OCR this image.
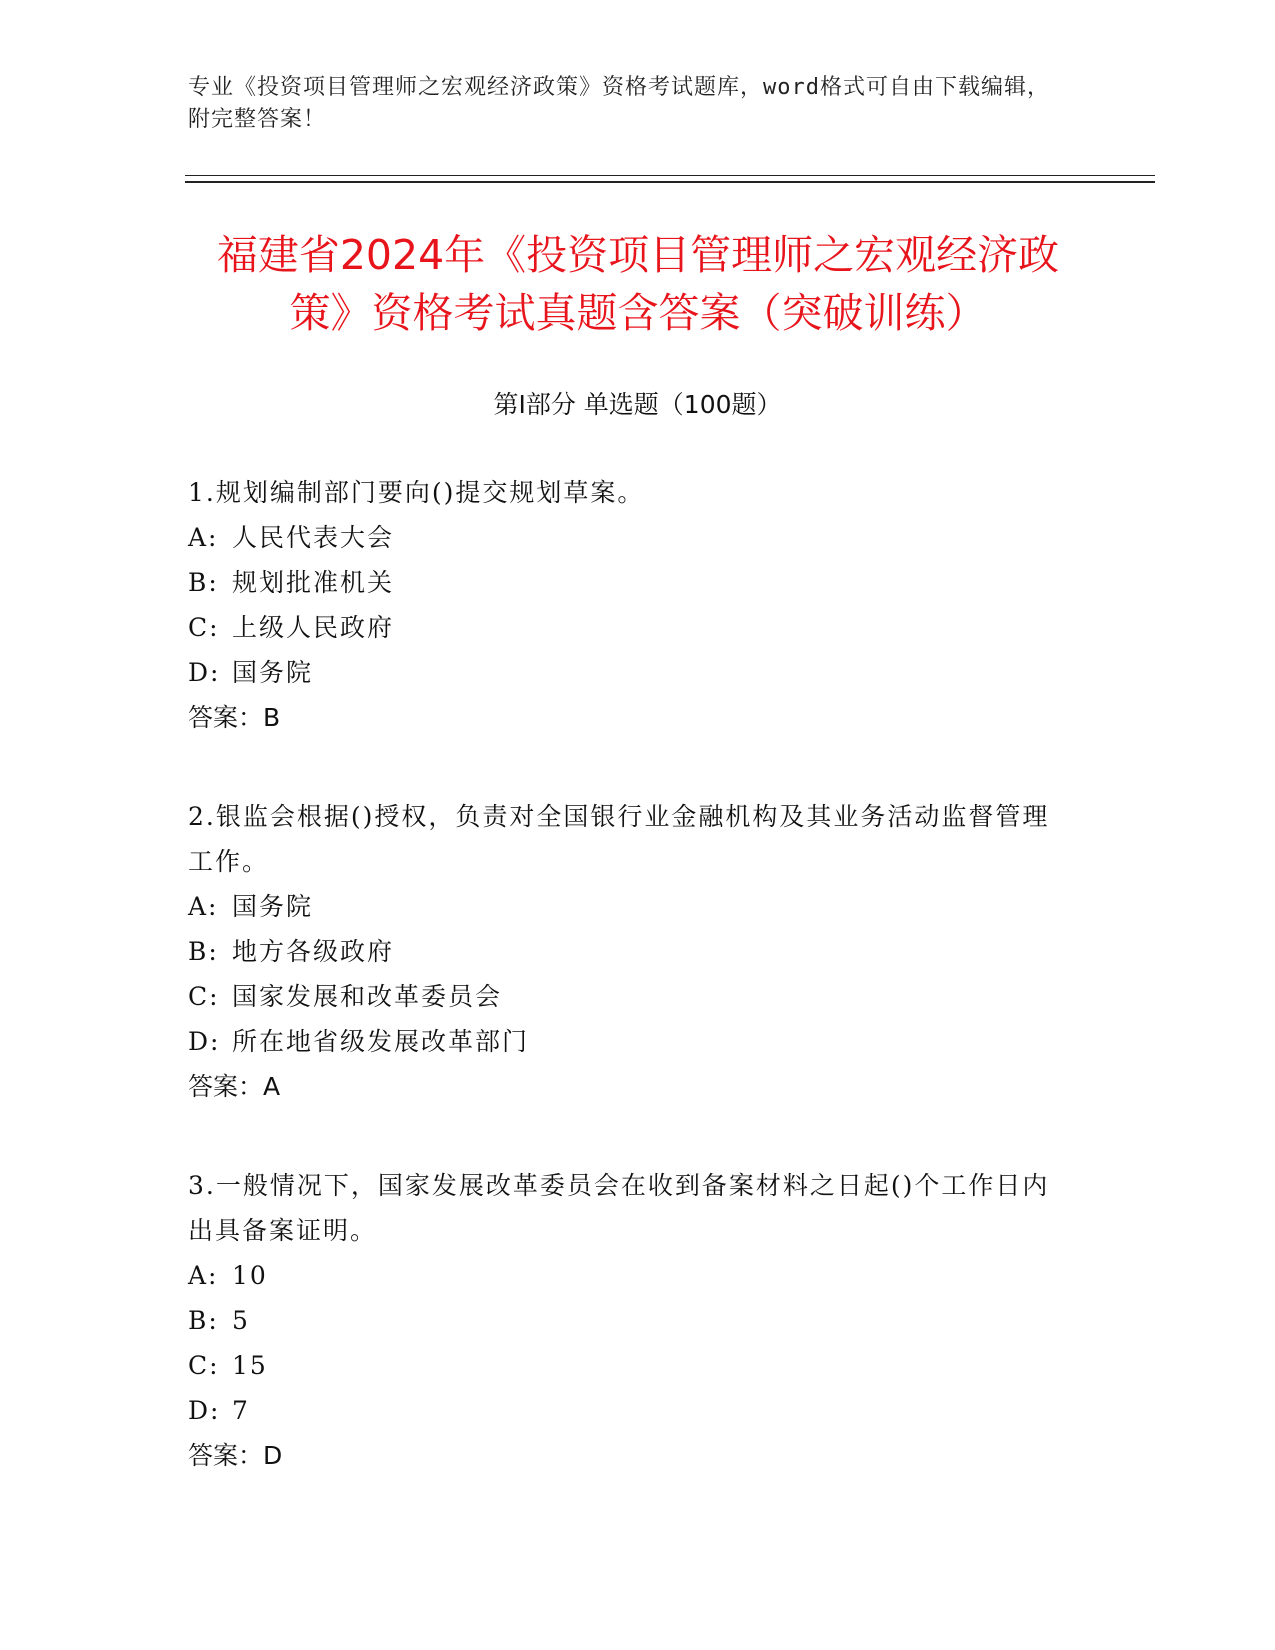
专业《投资项目管理师之宏观经济政策》资格考试题库，word格式可自由下载编辑，附完整答案！
福建省2024年《投资项目管理师之宏观经济政策》资格考试真题含答案（突破训练）
第Ⅰ部分 单选题（100题）

1.规划编制部门要向()提交规划草案。

A: 人民代表大会

B: 规划批准机关

C: 上级人民政府

D: 国务院

答案：B

2.银监会根据()授权，负责对全国银行业金融机构及其业务活动监督管理工作。

A: 国务院

B: 地方各级政府

C: 国家发展和改革委员会

D: 所在地省级发展改革部门

答案：A

3.一般情况下，国家发展改革委员会在收到备案材料之日起()个工作日内出具备案证明。

A: 10

B: 5

C: 15

D: 7

答案：D
